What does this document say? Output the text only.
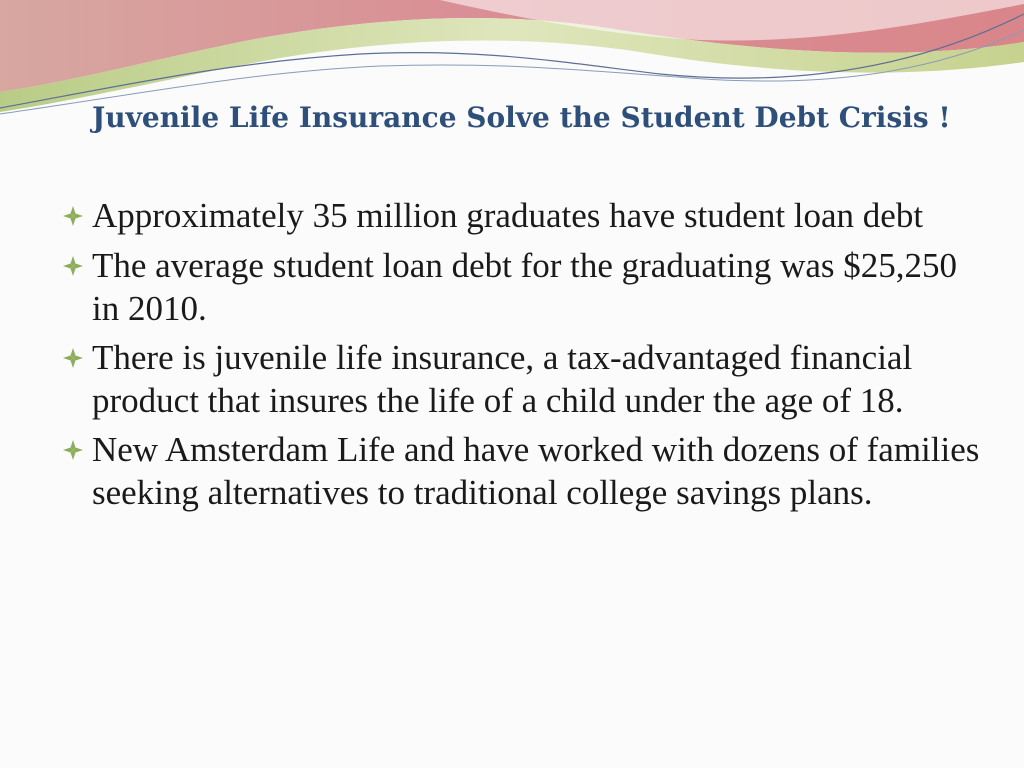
Juvenile Life Insurance Solve the Student Debt Crisis !
Approximately 35 million graduates have student loan debt
The average student loan debt for the graduating was $25,250 in 2010.
There is juvenile life insurance, a tax-advantaged financial product that insures the life of a child under the age of 18.
New Amsterdam Life and have worked with dozens of families seeking alternatives to traditional college savings plans.
